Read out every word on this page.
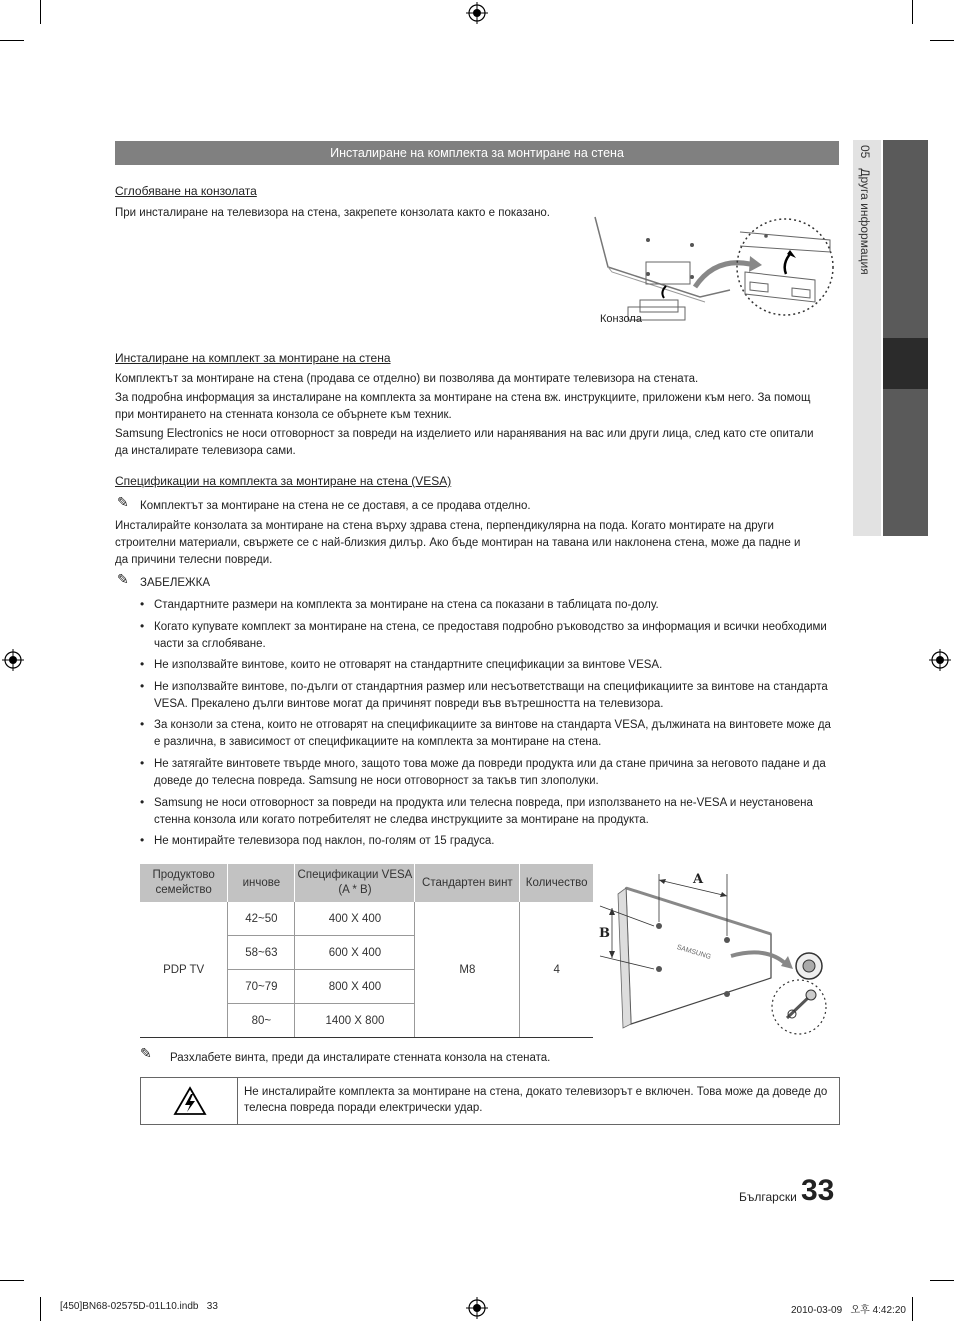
05   Друга информация
Инсталиране на комплекта за монтиране на стена
Сглобяване на конзолата
При инсталиране на телевизора на стена, закрепете конзолата както е показано.
Конзола
Инсталиране на комплект за монтиране на стена
Комплектът за монтиране на стена (продава се отделно) ви позволява да монтирате телевизора на стената.
За подробна информация за инсталиране на комплекта за монтиране на стена вж. инструкциите, приложени към него. За помощ при монтирането на стенната конзола се обърнете към техник.
Samsung Electronics не носи отговорност за повреди на изделието или наранявания на вас или други лица, след като сте опитали да инсталирате телевизора сами.
Спецификации на комплекта за монтиране на стена (VESA)
✎ Комплектът за монтиране на стена не се доставя, а се продава отделно.
Инсталирайте конзолата за монтиране на стена върху здрава стена, перпендикулярна на пода. Когато монтирате на други строителни материали, свържете се с най-близкия дилър. Ако бъде монтиран на тавана или наклонена стена, може да падне и да причини телесни повреди.
✎ ЗАБЕЛЕЖКА
• Стандартните размери на комплекта за монтиране на стена са показани в таблицата по-долу.
• Когато купувате комплект за монтиране на стена, се предоставя подробно ръководство за информация и всички необходими части за сглобяване.
• Не използвайте винтове, които не отговарят на стандартните спецификации за винтове VESA.
• Не използвайте винтове, по-дълги от стандартния размер или несъответстващи на спецификациите за винтове на стандарта VESA. Прекалено дълги винтове могат да причинят повреди във вътрешността на телевизора.
• За конзоли за стена, които не отговарят на спецификациите за винтове на стандарта VESA, дължината на винтовете може да е различна, в зависимост от спецификациите на комплекта за монтиране на стена.
• Не затягайте винтовете твърде много, защото това може да повреди продукта или да стане причина за неговото падане и да доведе до телесна повреда. Samsung не носи отговорност за такъв тип злополуки.
• Samsung не носи отговорност за повреди на продукта или телесна повреда, при използването на не-VESA и неустановена стенна конзола или когато потребителят не следва инструкциите за монтиране на продукта.
• Не монтирайте телевизора под наклон, по-голям от 15 градуса.
Продуктово семейство	инчове	Спецификации VESA (A * B)	Стандартен винт	Количество
PDP TV	42~50	400 X 400	M8	4
	58~63	600 X 400		
	70~79	800 X 400		
	80~	1400 X 800		
A
B
SAMSUNG
✎ Разхлабете винта, преди да инсталирате стенната конзола на стената.
Не инсталирайте комплекта за монтиране на стена, докато телевизорът е включен. Това може да доведе до телесна повреда поради електрически удар.
Български 33
[450]BN68-02575D-01L10.indb   33	2010-03-09   오후 4:42:20
